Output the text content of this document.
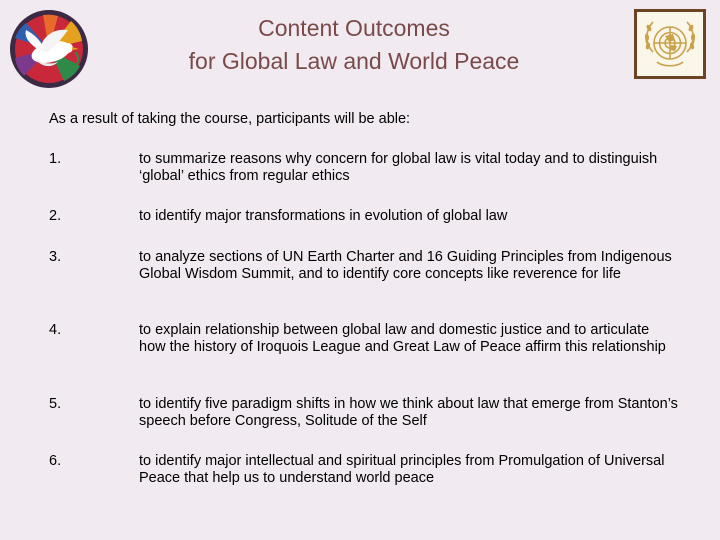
Content Outcomes
for Global Law and World Peace
As a result of taking the course, participants will be able:
1.	to summarize reasons why concern for global law is vital today and to distinguish ‘global’ ethics from regular ethics
2.	to identify major transformations in evolution of global law
3.	to analyze sections of UN Earth Charter and 16 Guiding Principles from Indigenous Global Wisdom Summit, and to identify core concepts like reverence for life
4.	to explain relationship between global law and domestic justice and to articulate how the history of Iroquois League and Great Law of Peace affirm this relationship
5.	to identify five paradigm shifts in how we think about law that emerge from Stanton’s speech before Congress, Solitude of the Self
6.	to identify major intellectual and spiritual principles from Promulgation of Universal Peace that help us to understand world peace
